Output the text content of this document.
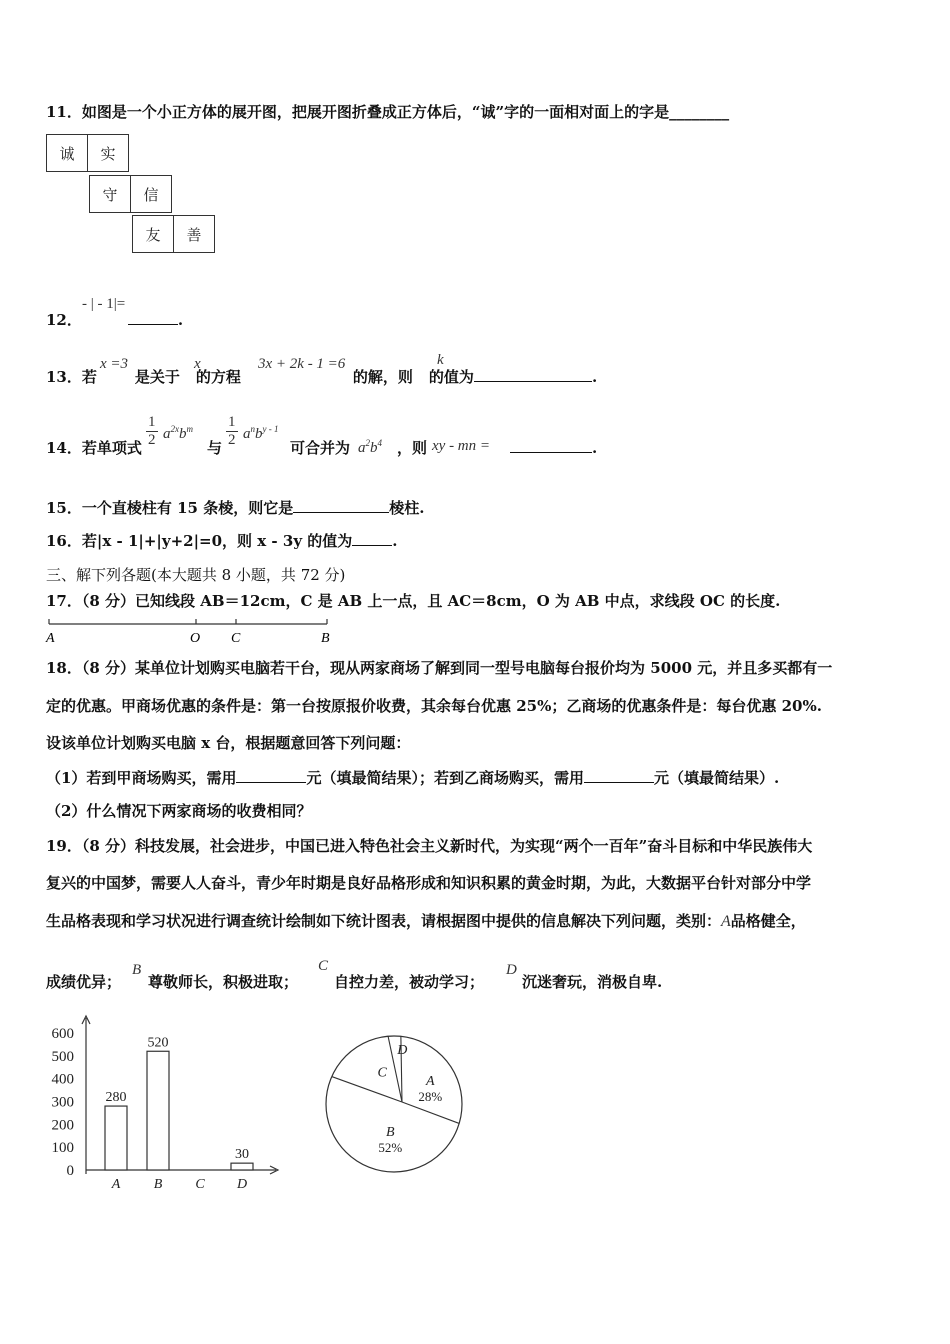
11．如图是一个小正方体的展开图，把展开图折叠成正方体后，“诚”字的一面相对面上的字是________
诚	实
守	信
友	善
- | - 1|=
12．	.
13．若	是关于 的方程	的解，则 的值为	.
x =3	x	3x + 2k - 1 =6	k
14．若单项式 $\frac{1}{2} a^{2x}b^m$
与 $\frac{1}{2} a^nb^{y - 1}$
可合并为 $a^2b^4$ ，则 xy - mn =	.
15．一个直棱柱有 15 条棱，则它是	棱柱.
16．若|x - 1|+|y+2|=0，则 x - 3y 的值为	.
三、解下列各题(本大题共 8 小题，共 72 分)
17．（8 分）已知线段 AB＝12cm，C 是 AB 上一点，且 AC＝8cm，O 为 AB 中点，求线段 OC 的长度.
A	O C	B
18．（8 分）某单位计划购买电脑若干台，现从两家商场了解到同一型号电脑每台报价均为 5000 元，并且多买都有一
定的优惠。甲商场优惠的条件是：第一台按原报价收费，其余每台优惠 25%；乙商场的优惠条件是：每台优惠 20%.
设该单位计划购买电脑 x 台，根据题意回答下列问题：
（1）若到甲商场购买，需用	元（填最简结果）；若到乙商场购买，需用	元（填最简结果）.
（2）什么情况下两家商场的收费相同？
19．（8 分）科技发展，社会进步，中国已进入特色社会主义新时代，为实现“两个一百年”奋斗目标和中华民族伟大
复兴的中国梦，需要人人奋斗，青少年时期是良好品格形成和知识积累的黄金时期，为此，大数据平台针对部分中学
生品格表现和学习状况进行调查统计绘制如下统计图表，请根据图中提供的信息解决下列问题，类别：A品格健全，
成绩优异；
B
尊敬师长，积极进取；
C
自控力差，被动学习；
D
沉迷奢玩，消极自卑.
600
500
400
300
200
100
0
280
A
520
B C
30
D
A
28%
B
52%
C
D
